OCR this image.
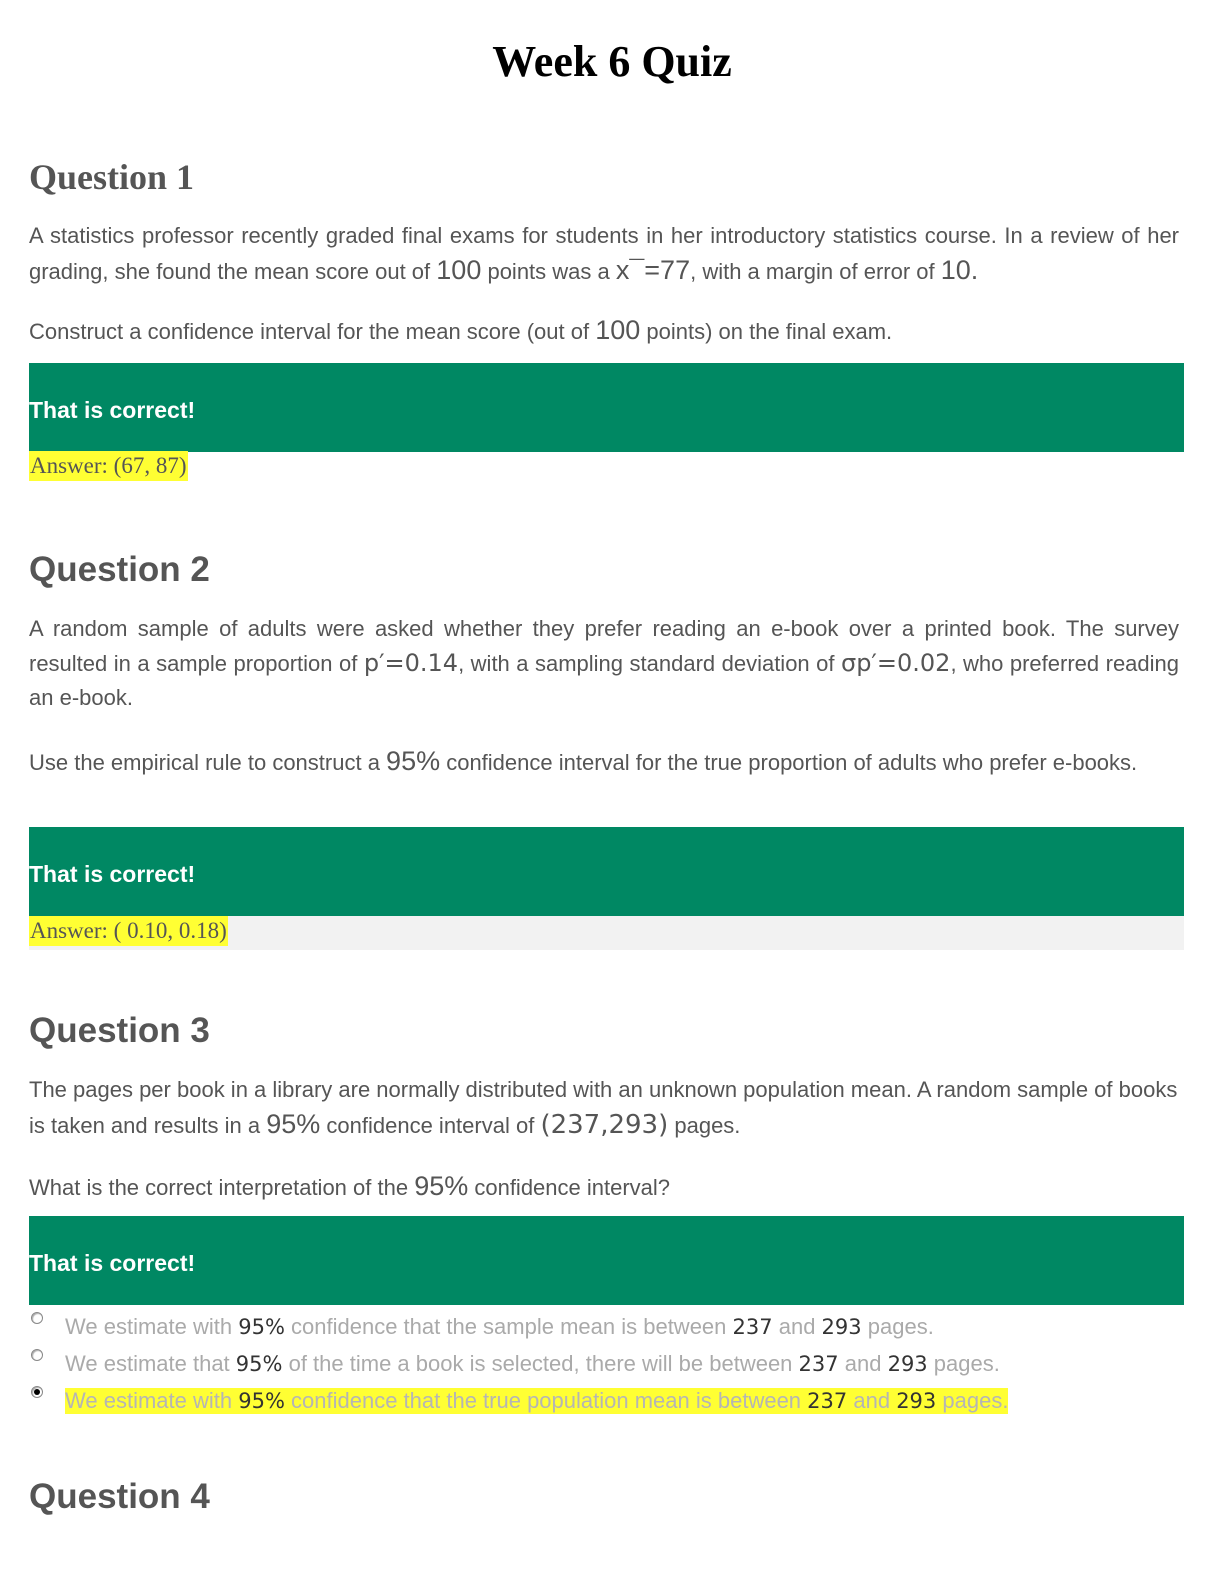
Week 6 Quiz
Question 1

A statistics professor recently graded final exams for students in her introductory statistics course. In a review of her grading, she found the mean score out of 100 points was a x¯=77, with a margin of error of 10.

Construct a confidence interval for the mean score (out of 100 points) on the final exam.

That is correct!
Answer: (67, 87)
Question 2

A random sample of adults were asked whether they prefer reading an e-book over a printed book. The survey resulted in a sample proportion of p′=0.14, with a sampling standard deviation of σp′=0.02, who preferred reading an e-book.

Use the empirical rule to construct a 95% confidence interval for the true proportion of adults who prefer e-books.

That is correct!
Answer: ( 0.10, 0.18)
Question 3

The pages per book in a library are normally distributed with an unknown population mean. A random sample of books is taken and results in a 95% confidence interval of (237,293) pages.

What is the correct interpretation of the 95% confidence interval?

That is correct!
We estimate with 95% confidence that the sample mean is between 237 and 293 pages.
We estimate that 95% of the time a book is selected, there will be between 237 and 293 pages.
We estimate with 95% confidence that the true population mean is between 237 and 293 pages.
Question 4
